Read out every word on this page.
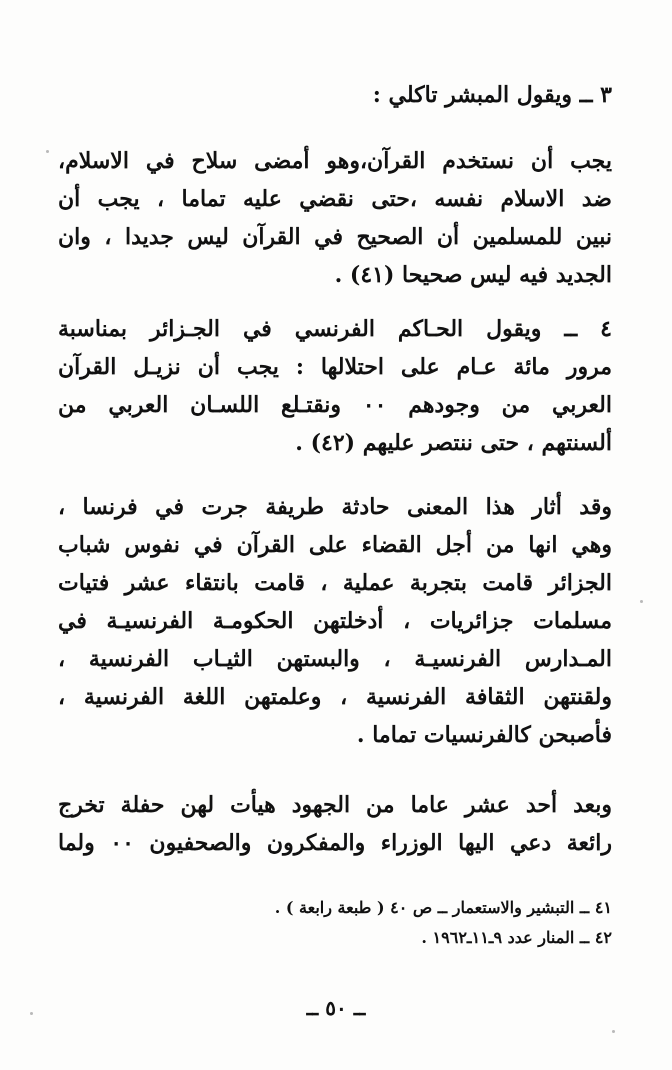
٣ ــ ويقول المبشر تاكلي :
يجب أن نستخدم القرآن،وهو أمضى سلاح في الاسلام،
ضد الاسلام نفسه ،حتى نقضي عليه تماما ، يجب أن
نبين للمسلمين أن الصحيح في القرآن ليس جديدا ، وان
الجديد فيه ليس صحيحا (٤١) .
٤ ــ ويقول الحـاكم الفرنسي في الجـزائر بمناسبة
مرور مائة عـام على احتلالها : يجب أن نزيـل القرآن
العربي من وجودهم ٠٠ ونقتـلع اللسـان العربي من
ألسنتهم ، حتى ننتصر عليهم (٤٢) .
وقد أثار هذا المعنى حادثة طريفة جرت في فرنسا ،
وهي انها من أجل القضاء على القرآن في نفوس شباب
الجزائر قامت بتجربة عملية ، قامت بانتقاء عشر فتيات
مسلمات جزائريات ، أدخلتهن الحكومـة الفرنسيـة في
المـدارس الفرنسيـة ، والبستهن الثيـاب الفرنسية ،
ولقنتهن الثقافة الفرنسية ، وعلمتهن اللغة الفرنسية ،
فأصبحن كالفرنسيات تماما .
وبعد أحد عشر عاما من الجهود هيأت لهن حفلة تخرج
رائعة دعي اليها الوزراء والمفكرون والصحفيون ٠٠ ولما
٤١ ــ التبشير والاستعمار ــ ص ٤٠ ( طبعة رابعة ) .
٤٢ ــ المنار عدد ٩ـ١١ـ١٩٦٢ .
ــ ٥٠ ــ
